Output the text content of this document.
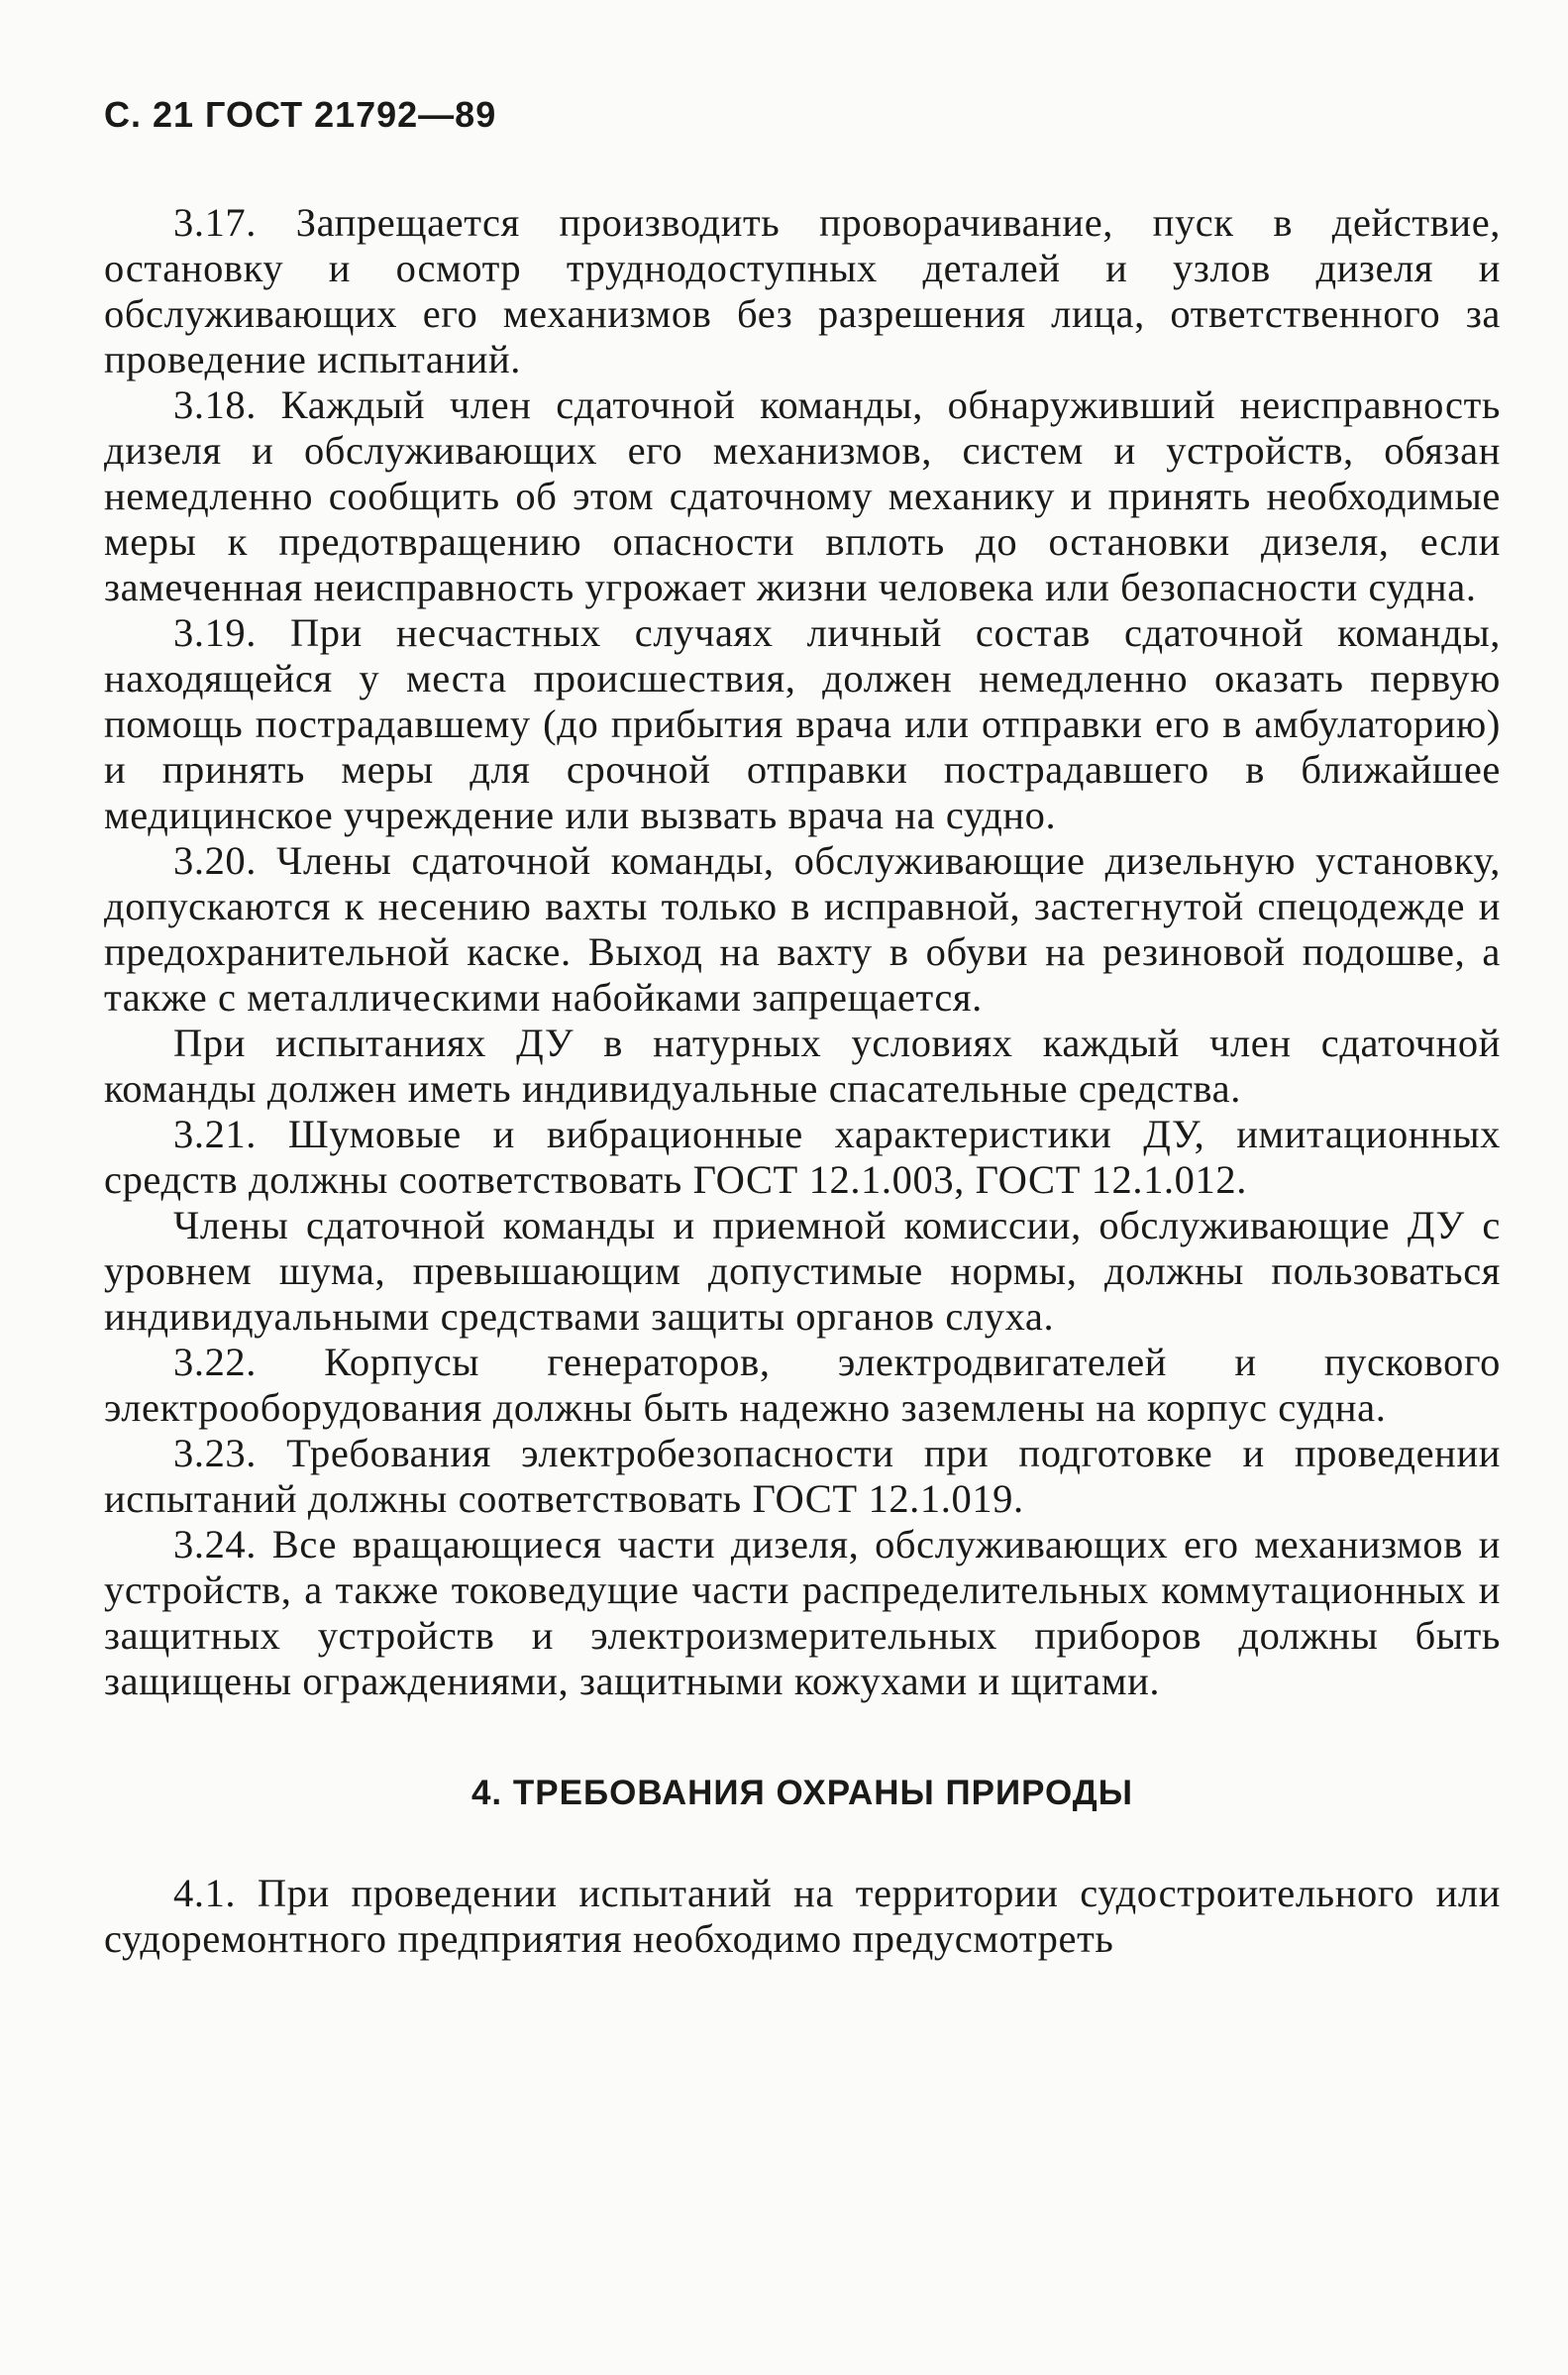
С. 21 ГОСТ 21792—89

3.17. Запрещается производить проворачивание, пуск в действие, остановку и осмотр труднодоступных деталей и узлов дизеля и обслуживающих его механизмов без разрешения лица, ответственного за проведение испытаний.

3.18. Каждый член сдаточной команды, обнаруживший неисправность дизеля и обслуживающих его механизмов, систем и устройств, обязан немедленно сообщить об этом сдаточному механику и принять необходимые меры к предотвращению опасности вплоть до остановки дизеля, если замеченная неисправность угрожает жизни человека или безопасности судна.

3.19. При несчастных случаях личный состав сдаточной команды, находящейся у места происшествия, должен немедленно оказать первую помощь пострадавшему (до прибытия врача или отправки его в амбулаторию) и принять меры для срочной отправки пострадавшего в ближайшее медицинское учреждение или вызвать врача на судно.

3.20. Члены сдаточной команды, обслуживающие дизельную установку, допускаются к несению вахты только в исправной, застегнутой спецодежде и предохранительной каске. Выход на вахту в обуви на резиновой подошве, а также с металлическими набойками запрещается.

При испытаниях ДУ в натурных условиях каждый член сдаточной команды должен иметь индивидуальные спасательные средства.

3.21. Шумовые и вибрационные характеристики ДУ, имитационных средств должны соответствовать ГОСТ 12.1.003, ГОСТ 12.1.012.

Члены сдаточной команды и приемной комиссии, обслуживающие ДУ с уровнем шума, превышающим допустимые нормы, должны пользоваться индивидуальными средствами защиты органов слуха.

3.22. Корпусы генераторов, электродвигателей и пускового электрооборудования должны быть надежно заземлены на корпус судна.

3.23. Требования электробезопасности при подготовке и проведении испытаний должны соответствовать ГОСТ 12.1.019.

3.24. Все вращающиеся части дизеля, обслуживающих его механизмов и устройств, а также токоведущие части распределительных коммутационных и защитных устройств и электроизмерительных приборов должны быть защищены ограждениями, защитными кожухами и щитами.

4. ТРЕБОВАНИЯ ОХРАНЫ ПРИРОДЫ

4.1. При проведении испытаний на территории судостроительного или судоремонтного предприятия необходимо предусмотреть
